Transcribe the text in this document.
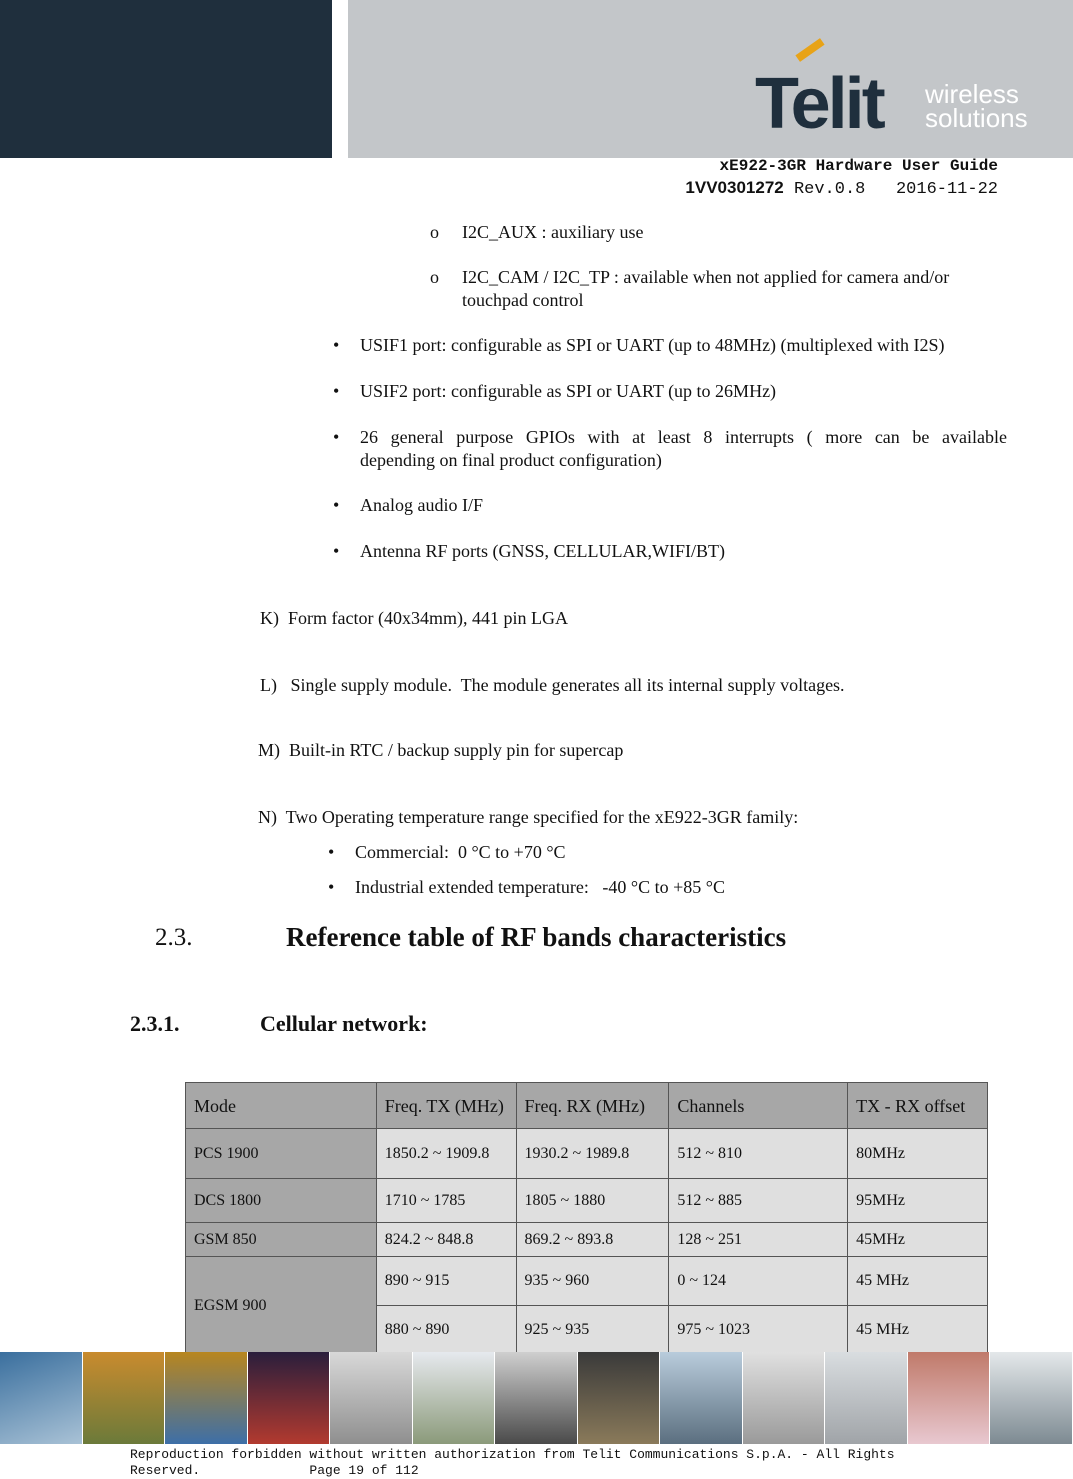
Telit wireless
solutions
xE922-3GR Hardware User Guide
1VV0301272 Rev.0.8   2016-11-22
o I2C_AUX : auxiliary use
o I2C_CAM / I2C_TP : available when not applied for camera and/or
touchpad control
• USIF1 port: configurable as SPI or UART (up to 48MHz) (multiplexed with I2S)
• USIF2 port: configurable as SPI or UART (up to 26MHz)
• 26 general purpose GPIOs with at least 8 interrupts ( more can be available
depending on final product configuration)
• Analog audio I/F
• Antenna RF ports (GNSS, CELLULAR,WIFI/BT)
K)  Form factor (40x34mm), 441 pin LGA
L)   Single supply module.  The module generates all its internal supply voltages.
M)  Built-in RTC / backup supply pin for supercap
N)  Two Operating temperature range specified for the xE922-3GR family:
• Commercial:  0 °C to +70 °C
• Industrial extended temperature:   -40 °C to +85 °C
2.3.	Reference table of RF bands characteristics
2.3.1.	Cellular network:
Mode	Freq. TX (MHz)	Freq. RX (MHz)	Channels	TX - RX offset
PCS 1900	1850.2 ~ 1909.8	1930.2 ~ 1989.8	512 ~ 810	80MHz
DCS 1800	1710 ~ 1785	1805 ~ 1880	512 ~ 885	95MHz
GSM 850	824.2 ~ 848.8	869.2 ~ 893.8	128 ~ 251	45MHz
EGSM 900	890 ~ 915	935 ~ 960	0 ~ 124	45 MHz
	880 ~ 890	925 ~ 935	975 ~ 1023	45 MHz
Reproduction forbidden without written authorization from Telit Communications S.p.A. - All Rights
Reserved.              Page 19 of 112
